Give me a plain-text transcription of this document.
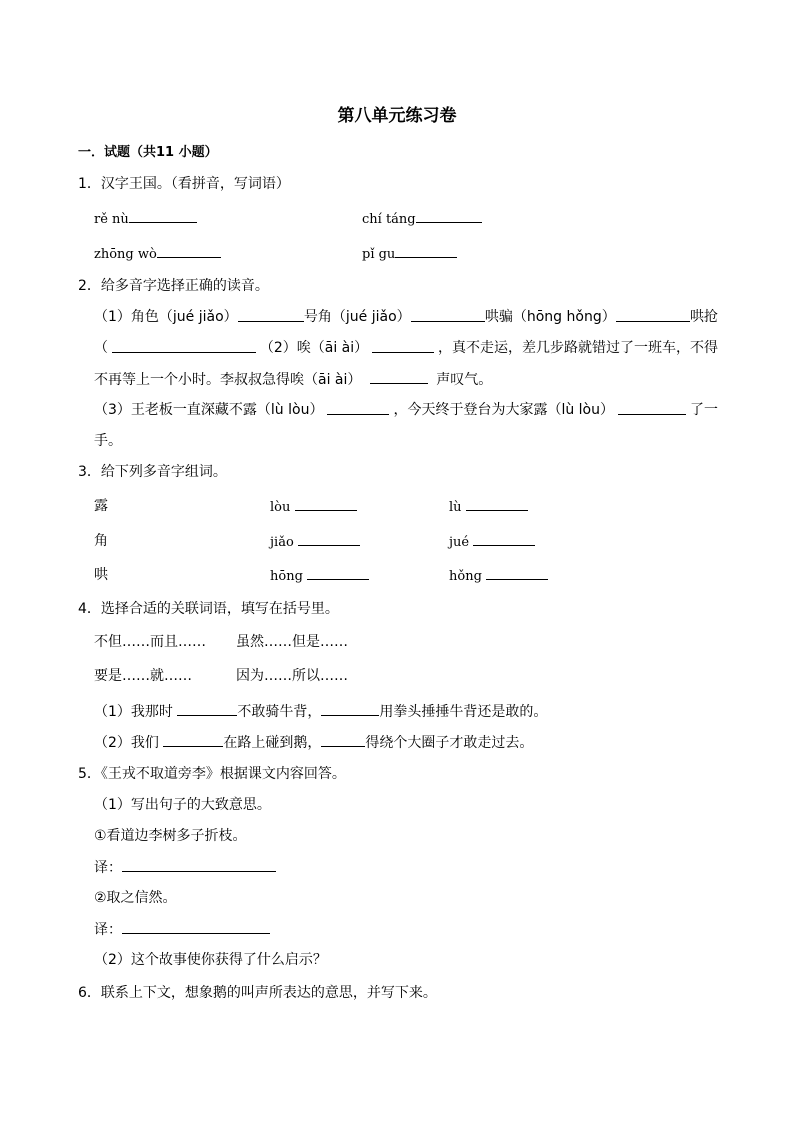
第八单元练习卷
一．试题（共11 小题）
1．汉字王国。（看拼音，写词语）
rě nù	chí táng
zhōng wò	pǐ gu
2．给多音字选择正确的读音。
（1）角色（jué jiǎo）	号角（jué jiǎo）	哄骗（hōng hǒng）	哄抢
（	（2）唉（āi ài）	，真不走运，差几步路就错过了一班车，不得
不再等上一个小时。李叔叔急得唉（āi ài）	声叹气。
（3）王老板一直深藏不露（lù lòu）	，今天终于登台为大家露（lù lòu）	了一
手。
3．给下列多音字组词。
露	lòu	lù
角	jiǎo	jué
哄	hōng	hǒng
4．选择合适的关联词语，填写在括号里。
不但……而且…… 虽然……但是……
要是……就……	因为……所以……
（1）我那时	不敢骑牛背，	用拳头捶捶牛背还是敢的。
（2）我们	在路上碰到鹅，	得绕个大圈子才敢走过去。
5．《王戎不取道旁李》根据课文内容回答。
（1）写出句子的大致意思。
①看道边李树多子折枝。
译：
②取之信然。
译：
（2）这个故事使你获得了什么启示？
6．联系上下文，想象鹅的叫声所表达的意思，并写下来。
